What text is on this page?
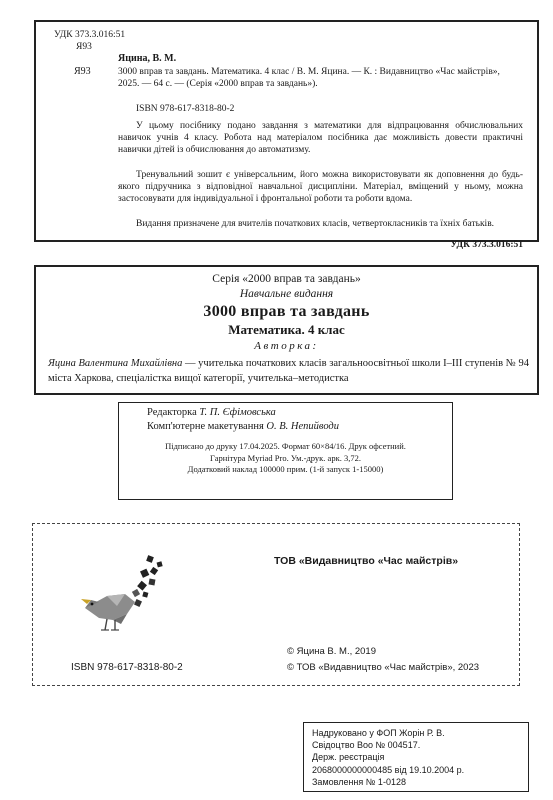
УДК 373.3.016:51
Я93
Яцина, В. М.
Я93	3000 вправ та завдань. Математика. 4 клас / В. М. Яцина. — К. : Видавництво «Час майстрів», 2025. — 64 с. — (Серія «2000 вправ та завдань»).
ISBN 978-617-8318-80-2
У цьому посібнику подано завдання з математики для відпрацювання обчислювальних навичок учнів 4 класу. Робота над матеріалом посібника дає можливість довести практичні навички дітей із обчислювання до автоматизму.
Тренувальний зошит є універсальним, його можна використовувати як доповнення до будь-якого підручника з відповідної навчальної дисципліни. Матеріал, вміщений у ньому, можна застосовувати для індивідуальної і фронтальної роботи та роботи вдома.
Видання призначене для вчителів початкових класів, четвертокласників та їхніх батьків.
УДК 373.3.016:51
Серія «2000 вправ та завдань»
Навчальне видання
3000 вправ та завдань
Математика. 4 клас
Авторка:
Яцина Валентина Михайлівна — учителька початкових класів загальноосвітньої школи І–ІІІ ступенів № 94 міста Харкова, спеціалістка вищої категорії, учителька–методистка
Редакторка Т. П. Єфімовська
Комп'ютерне макетування О. В. Непийводи
Підписано до друку 17.04.2025. Формат 60×84/16. Друк офсетний.
Гарнітура Myriad Pro. Ум.-друк. арк. 3,72.
Додатковий наклад 100000 прим. (1-й запуск 1-15000)
ТОВ «Видавництво «Час майстрів»
ISBN 978-617-8318-80-2
© Яцина В. М., 2019
© ТОВ «Видавництво «Час майстрів», 2023
Надруковано у ФОП Жорін Р. В.
Свідоцтво Воо № 004517.
Держ. реєстрація
2068000000000485 від 19.10.2004 р.
Замовлення № 1-0128
